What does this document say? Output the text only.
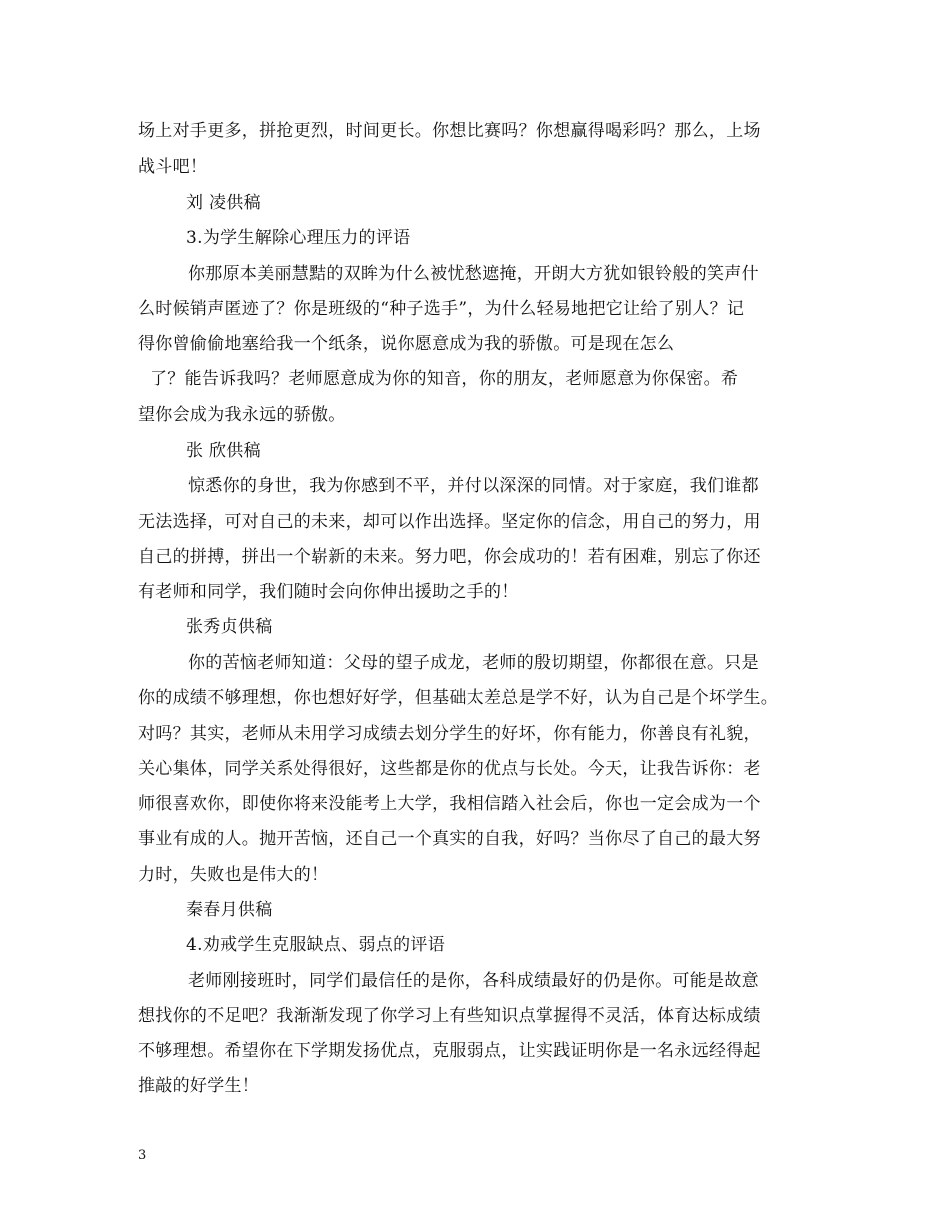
场上对手更多，拼抢更烈，时间更长。你想比赛吗？你想赢得喝彩吗？那么，上场
战斗吧！
刘 凌供稿
3.为学生解除心理压力的评语
你那原本美丽慧黠的双眸为什么被忧愁遮掩，开朗大方犹如银铃般的笑声什
么时候销声匿迹了？你是班级的“种子选手”，为什么轻易地把它让给了别人？记
得你曾偷偷地塞给我一个纸条，说你愿意成为我的骄傲。可是现在怎么
了？能告诉我吗？老师愿意成为你的知音，你的朋友，老师愿意为你保密。希
望你会成为我永远的骄傲。
张 欣供稿
惊悉你的身世，我为你感到不平，并付以深深的同情。对于家庭，我们谁都
无法选择，可对自己的未来，却可以作出选择。坚定你的信念，用自己的努力，用
自己的拼搏，拼出一个崭新的未来。努力吧，你会成功的！若有困难，别忘了你还
有老师和同学，我们随时会向你伸出援助之手的！
张秀贞供稿
你的苦恼老师知道：父母的望子成龙，老师的殷切期望，你都很在意。只是
你的成绩不够理想，你也想好好学，但基础太差总是学不好，认为自己是个坏学生。
对吗？其实，老师从未用学习成绩去划分学生的好坏，你有能力，你善良有礼貌，
关心集体，同学关系处得很好，这些都是你的优点与长处。今天，让我告诉你：老
师很喜欢你，即使你将来没能考上大学，我相信踏入社会后，你也一定会成为一个
事业有成的人。抛开苦恼，还自己一个真实的自我，好吗？当你尽了自己的最大努
力时，失败也是伟大的！
秦春月供稿
4.劝戒学生克服缺点、弱点的评语
老师刚接班时，同学们最信任的是你，各科成绩最好的仍是你。可能是故意
想找你的不足吧？我渐渐发现了你学习上有些知识点掌握得不灵活，体育达标成绩
不够理想。希望你在下学期发扬优点，克服弱点，让实践证明你是一名永远经得起
推敲的好学生！
3
